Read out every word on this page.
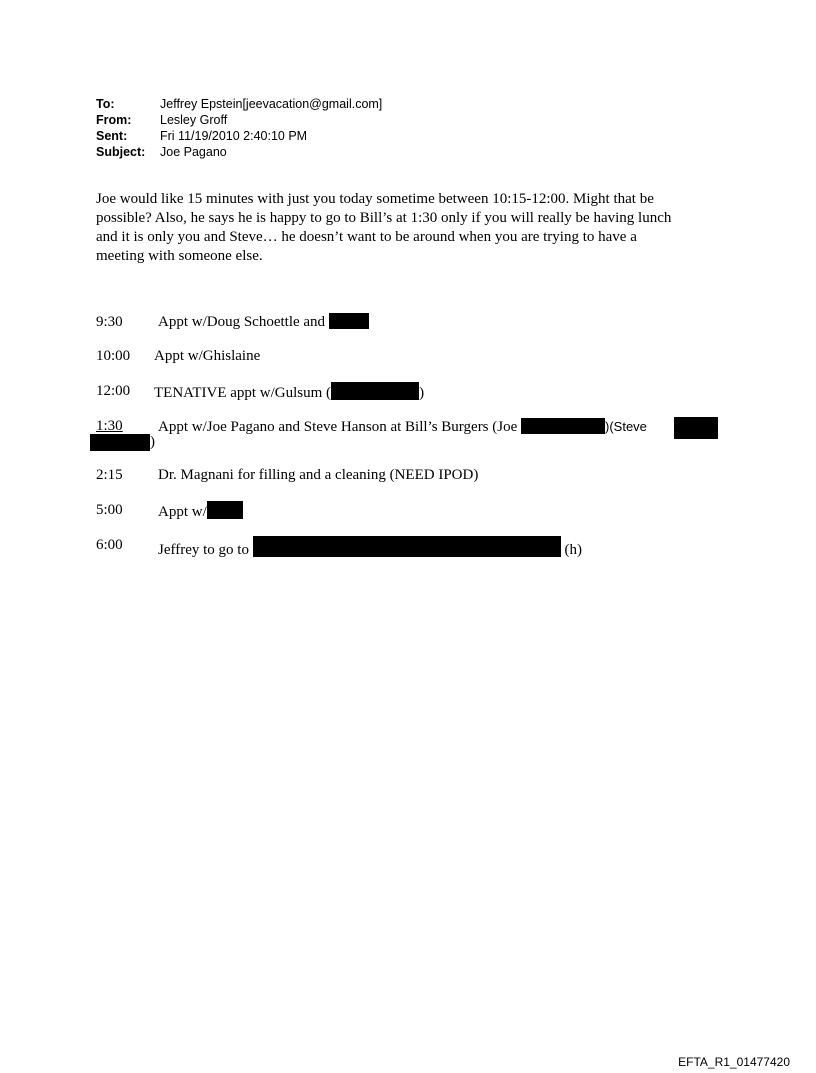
To:	Jeffrey Epstein[jeevacation@gmail.com]
From:	Lesley Groff
Sent:	Fri 11/19/2010 2:40:10 PM
Subject:	Joe Pagano

Joe would like 15 minutes with just you today sometime between 10:15-12:00. Might that be

possible? Also, he says he is happy to go to Bill’s at 1:30 only if you will really be having lunch

and it is only you and Steve… he doesn’t want to be around when you are trying to have a

meeting with someone else.

9:30 Appt w/Doug Schoettle and
10:00 Appt w/Ghislaine
12:00 TENATIVE appt w/Gulsum (	)
1:30 Appt w/Joe Pagano and Steve Hanson at Bill’s Burgers (Joe	)(Steve
)
2:15 Dr. Magnani for filling and a cleaning (NEED IPOD)
5:00 Appt w/
6:00 Jeffrey to go to	(h)
EFTA_R1_01477420
